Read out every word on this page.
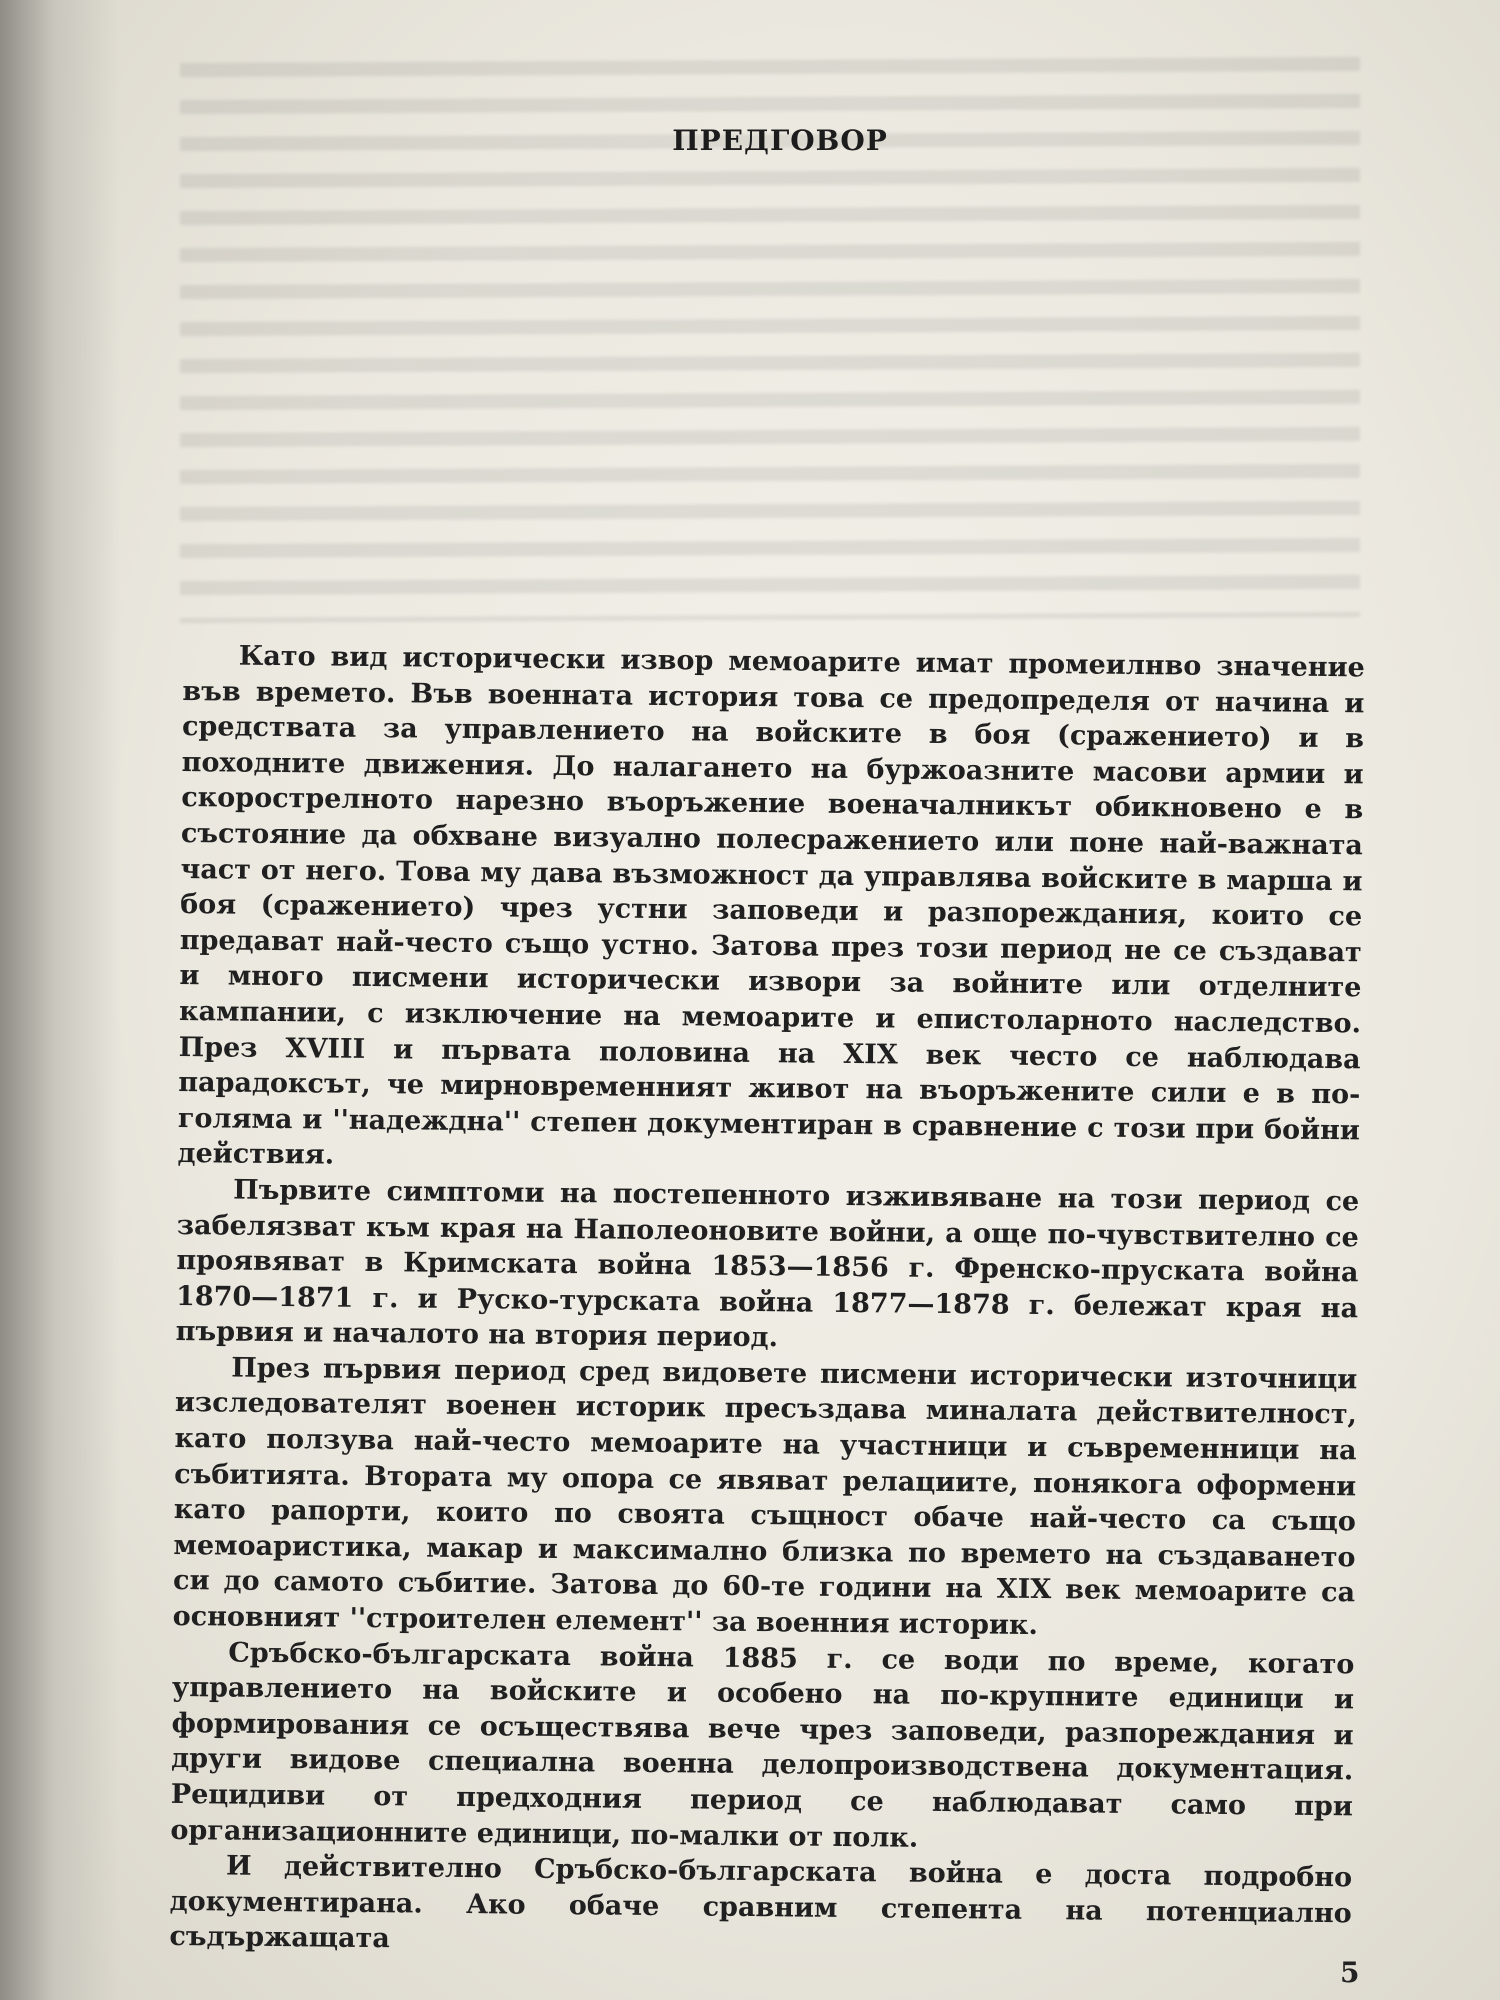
ПРЕДГОВОР

Като вид исторически извор мемоарите имат промеилнво значение във времето. Във военната история това се предопределя от начина и средствата за управлението на войските в боя (сражението) и в походните движения. До налагането на буржоазните масови армии и скорострелното нарезно въоръжение военачалникът обикновено е в състояние да обхване визуално полесражението или поне най-важната част от него. Това му дава възможност да управлява войските в марша и боя (сражението) чрез устни заповеди и разпореждания, които се предават най-често също устно. Затова през този период не се създават и много писмени исторически извори за войните или отделните кампании, с изключение на мемоарите и епистоларното наследство. През XVIII и първата половина на XIX век често се наблюдава парадоксът, че мирновременният живот на въоръжените сили е в по-голяма и ''надеждна'' степен документиран в сравнение с този при бойни действия.

Първите симптоми на постепенното изживяване на този период се забелязват към края на Наполеоновите войни, а още по-чувствително се проявяват в Кримската война 1853—1856 г. Френско-пруската война 1870—1871 г. и Руско-турската война 1877—1878 г. бележат края на първия и началото на втория период.

През първия период сред видовете писмени исторически източници изследователят военен историк пресъздава миналата действителност, като ползува най-често мемоарите на участници и съвременници на събитията. Втората му опора се явяват релациите, понякога оформени като рапорти, които по своята същност обаче най-често са също мемоаристика, макар и максимално близка по времето на създаването си до самото събитие. Затова до 60-те години на XIX век мемоарите са основният ''строителен елемент'' за военния историк.

Сръбско-българската война 1885 г. се води по време, когато управлението на войските и особено на по-крупните единици и формирования се осъществява вече чрез заповеди, разпореждания и други видове специална военна делопроизводствена документация. Рецидиви от предходния период се наблюдават само при организационните единици, по-малки от полк.

И действително Сръбско-българската война е доста подробно документирана. Ако обаче сравним степента на потенциално съдържащата

5
